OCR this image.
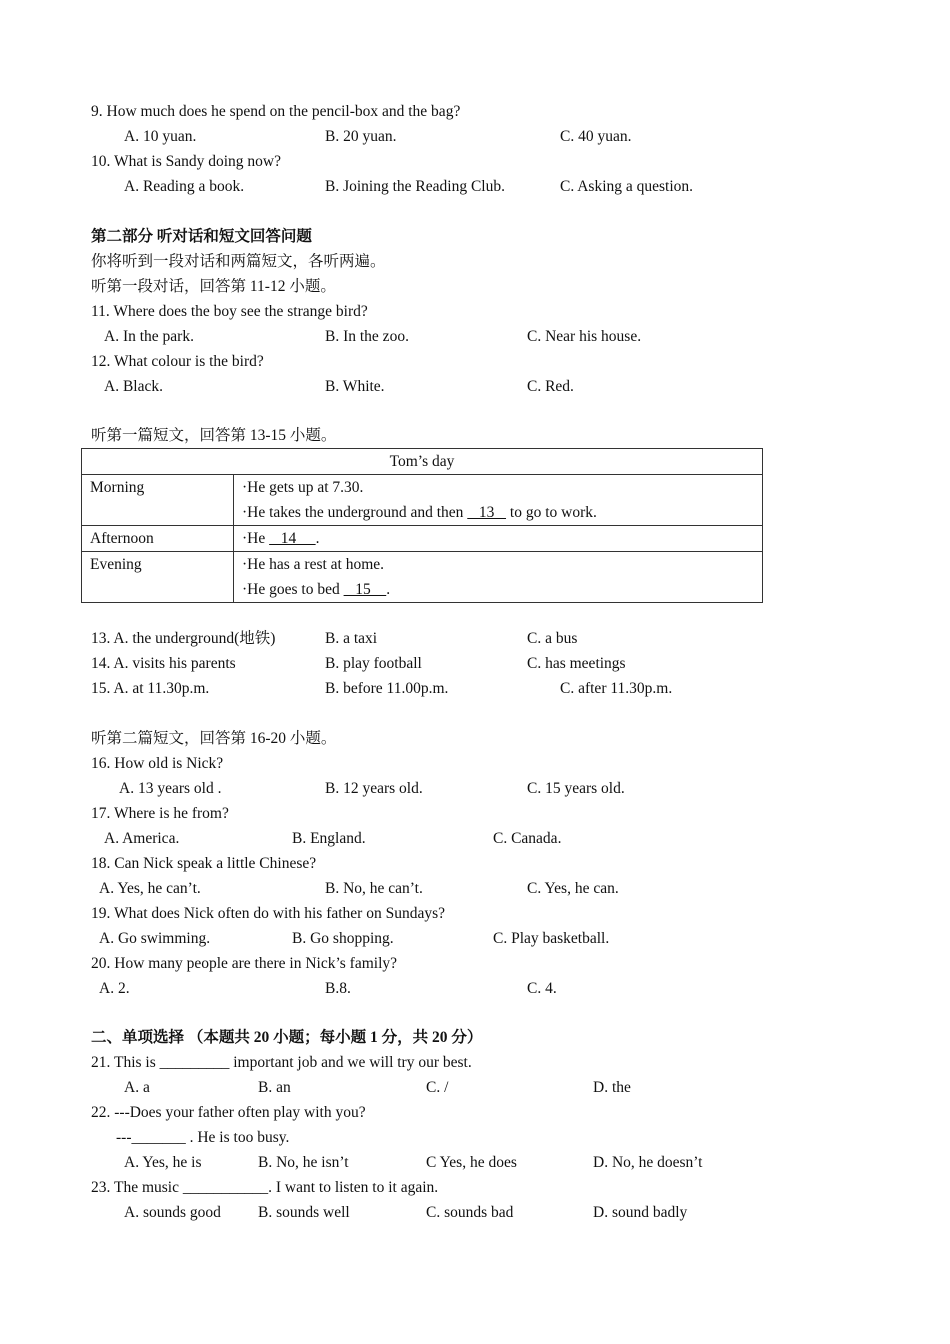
9. How much does he spend on the pencil-box and the bag?
A. 10 yuan.	B. 20 yuan.	C. 40 yuan.
10. What is Sandy doing now?
A. Reading a book.	B. Joining the Reading Club.	C. Asking a question.
第二部分 听对话和短文回答问题
你将听到一段对话和两篇短文，各听两遍。
听第一段对话，回答第 11-12 小题。
11. Where does the boy see the strange bird?
A. In the park.	B. In the zoo.	C. Near his house.
12. What colour is the bird?
A. Black.	B. White.	C. Red.
听第一篇短文，回答第 13-15 小题。
Tom’s day	
Morning	·He gets up at 7.30.
·He takes the underground and then    13    to go to work.

Afternoon	·He    14     .

Evening	·He has a rest at home.
·He goes to bed    15    .
13. A. the underground(地铁)	B. a taxi	C. a bus
14. A. visits his parents	B. play football	C. has meetings
15. A. at 11.30p.m.	B. before 11.00p.m.	C. after 11.30p.m.
听第二篇短文，回答第 16-20 小题。
16. How old is Nick?
A. 13 years old .	B. 12 years old.	C. 15 years old.
17. Where is he from?
A. America.	B. England.	C. Canada.
18. Can Nick speak a little Chinese?
A. Yes, he can’t.	B. No, he can’t.	C. Yes, he can.
19. What does Nick often do with his father on Sundays?
A. Go swimming.	B. Go shopping.	C. Play basketball.
20. How many people are there in Nick’s family?
A. 2.	B.8.	C. 4.
二、单项选择 （本题共 20 小题；每小题 1 分，共 20 分）
21. This is _________ important job and we will try our best.
A. a	B. an	C. /	D. the
22. ---Does your father often play with you?
---_______ . He is too busy.
A. Yes, he is	B. No, he isn’t	C Yes, he does	D. No, he doesn’t
23. The music ___________. I want to listen to it again.
A. sounds good B. sounds well	C. sounds bad	D. sound badly
